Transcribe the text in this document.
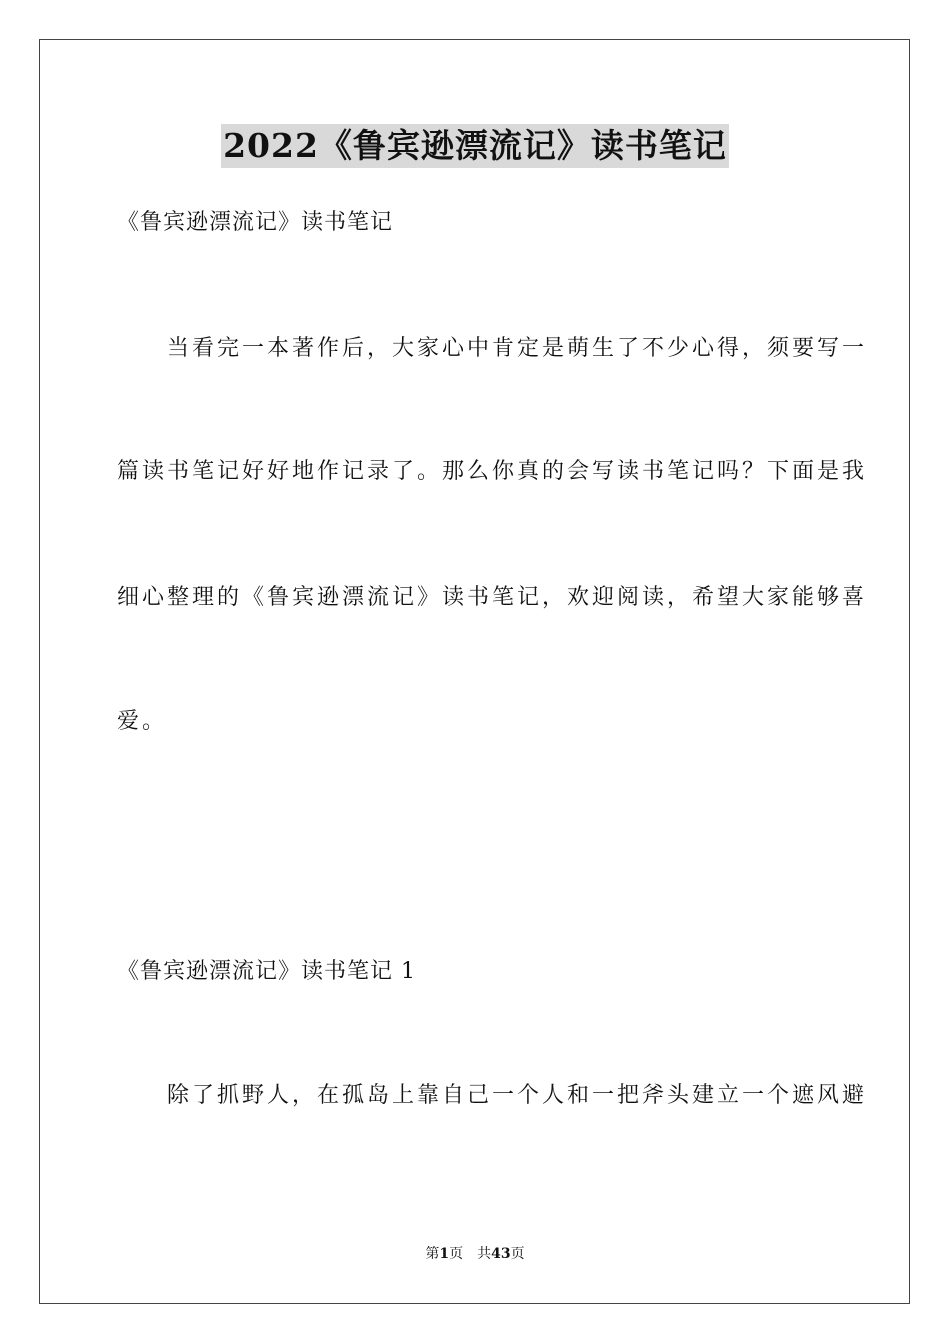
2022《鲁宾逊漂流记》读书笔记
《鲁宾逊漂流记》读书笔记
　　当看完一本著作后，大家心中肯定是萌生了不少心得，须要写一
篇读书笔记好好地作记录了。那么你真的会写读书笔记吗？下面是我
细心整理的《鲁宾逊漂流记》读书笔记，欢迎阅读，希望大家能够喜
爱。
《鲁宾逊漂流记》读书笔记 1
　　除了抓野人，在孤岛上靠自己一个人和一把斧头建立一个遮风避
第1页 共43页
